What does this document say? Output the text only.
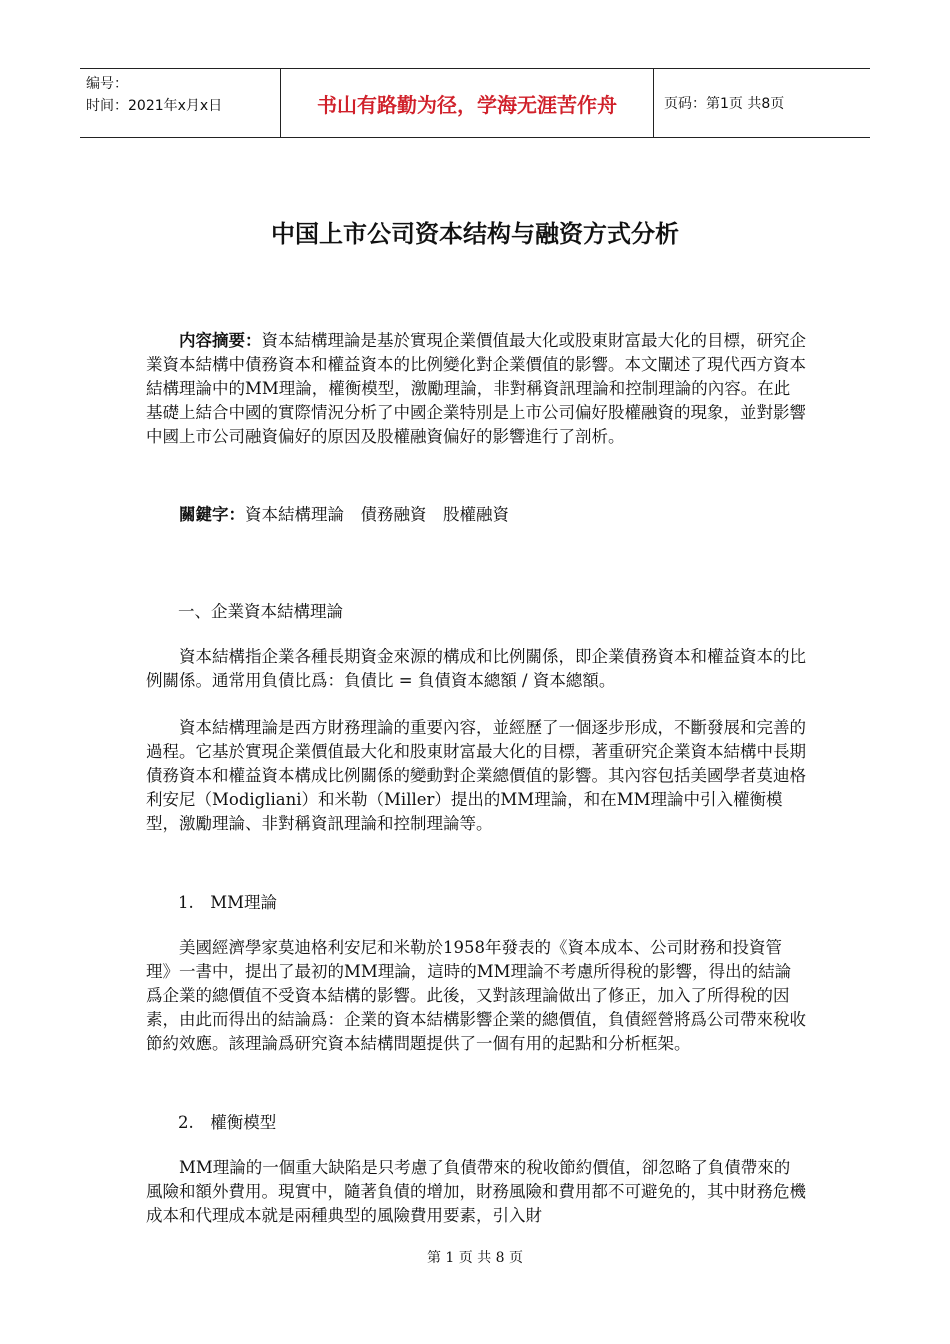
编号：
时间：2021年x月x日	书山有路勤为径，学海无涯苦作舟	页码：第1页 共8页
中国上市公司资本结构与融资方式分析
内容摘要：資本結構理論是基於實現企業價值最大化或股東財富最大化的目標，研究企業資本結構中債務資本和權益資本的比例變化對企業價值的影響。本文闡述了現代西方資本結構理論中的MM理論，權衡模型，激勵理論，非對稱資訊理論和控制理論的內容。在此基礎上結合中國的實際情況分析了中國企業特別是上市公司偏好股權融資的現象，並對影響中國上市公司融資偏好的原因及股權融資偏好的影響進行了剖析。
關鍵字：資本結構理論　債務融資　股權融資
一、企業資本結構理論
資本結構指企業各種長期資金來源的構成和比例關係，即企業債務資本和權益資本的比例關係。通常用負債比爲：負債比 = 負債資本總額 / 資本總額。
資本結構理論是西方財務理論的重要內容，並經歷了一個逐步形成，不斷發展和完善的過程。它基於實現企業價值最大化和股東財富最大化的目標，著重研究企業資本結構中長期債務資本和權益資本構成比例關係的變動對企業總價值的影響。其內容包括美國學者莫迪格利安尼（Modigliani）和米勒（Miller）提出的MM理論，和在MM理論中引入權衡模型，激勵理論、非對稱資訊理論和控制理論等。
1.　MM理論
美國經濟學家莫迪格利安尼和米勒於1958年發表的《資本成本、公司財務和投資管理》一書中，提出了最初的MM理論，這時的MM理論不考慮所得稅的影響，得出的結論爲企業的總價值不受資本結構的影響。此後，又對該理論做出了修正，加入了所得稅的因素，由此而得出的結論爲：企業的資本結構影響企業的總價值，負債經營將爲公司帶來稅收節約效應。該理論爲研究資本結構問題提供了一個有用的起點和分析框架。
2.　權衡模型
MM理論的一個重大缺陷是只考慮了負債帶來的稅收節約價值，卻忽略了負債帶來的風險和額外費用。現實中，隨著負債的增加，財務風險和費用都不可避免的，其中財務危機成本和代理成本就是兩種典型的風險費用要素，引入財
第 1 页 共 8 页
